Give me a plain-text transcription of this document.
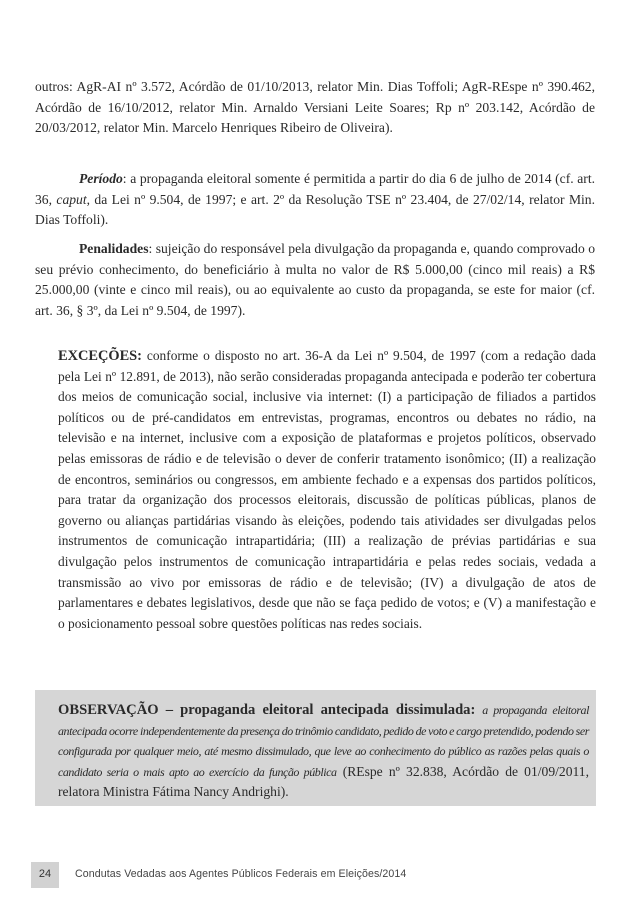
outros: AgR-AI nº 3.572, Acórdão de 01/10/2013, relator Min. Dias Toffoli; AgR-REspe nº 390.462, Acórdão de 16/10/2012, relator Min. Arnaldo Versiani Leite Soares; Rp nº 203.142, Acórdão de 20/03/2012, relator Min. Marcelo Henriques Ribeiro de Oliveira).

Período: a propaganda eleitoral somente é permitida a partir do dia 6 de julho de 2014 (cf. art. 36, caput, da Lei nº 9.504, de 1997; e art. 2º da Resolução TSE nº 23.404, de 27/02/14, relator Min. Dias Toffoli).

Penalidades: sujeição do responsável pela divulgação da propaganda e, quando comprovado o seu prévio conhecimento, do beneficiário à multa no valor de R$ 5.000,00 (cinco mil reais) a R$ 25.000,00 (vinte e cinco mil reais), ou ao equivalente ao custo da propaganda, se este for maior (cf. art. 36, § 3º, da Lei nº 9.504, de 1997).

EXCEÇÕES: conforme o disposto no art. 36-A da Lei nº 9.504, de 1997 (com a redação dada pela Lei nº 12.891, de 2013), não serão consideradas propaganda antecipada e poderão ter cobertura dos meios de comunicação social, inclusive via internet: (I) a participação de filiados a partidos políticos ou de pré-candidatos em entrevistas, programas, encontros ou debates no rádio, na televisão e na internet, inclusive com a exposição de plataformas e projetos políticos, observado pelas emissoras de rádio e de televisão o dever de conferir tratamento isonômico; (II) a realização de encontros, seminários ou congressos, em ambiente fechado e a expensas dos partidos políticos, para tratar da organização dos processos eleitorais, discussão de políticas públicas, planos de governo ou alianças partidárias visando às eleições, podendo tais atividades ser divulgadas pelos instrumentos de comunicação intrapartidária; (III) a realização de prévias partidárias e sua divulgação pelos instrumentos de comunicação intrapartidária e pelas redes sociais, vedada a transmissão ao vivo por emissoras de rádio e de televisão; (IV) a divulgação de atos de parlamentares e debates legislativos, desde que não se faça pedido de votos; e (V) a manifestação e o posicionamento pessoal sobre questões políticas nas redes sociais.

OBSERVAÇÃO – propaganda eleitoral antecipada dissimulada: a propaganda eleitoral antecipada ocorre independentemente da presença do trinômio candidato, pedido de voto e cargo pretendido, podendo ser configurada por qualquer meio, até mesmo dissimulado, que leve ao conhecimento do público as razões pelas quais o candidato seria o mais apto ao exercício da função pública (REspe nº 32.838, Acórdão de 01/09/2011, relatora Ministra Fátima Nancy Andrighi).

24	Condutas Vedadas aos Agentes Públicos Federais em Eleições/2014
